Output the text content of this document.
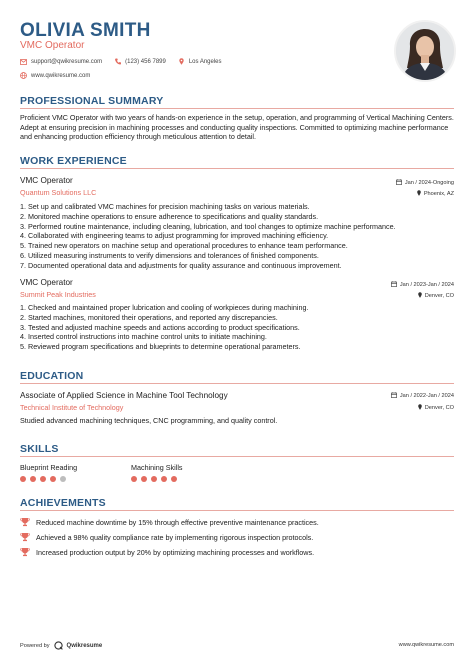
OLIVIA SMITH
VMC Operator
support@qwikresume.com	(123) 456 7899	Los Angeles
www.qwikresume.com
PROFESSIONAL SUMMARY
Proficient VMC Operator with two years of hands-on experience in the setup, operation, and programming of Vertical Machining Centers. Adept at ensuring precision in machining processes and conducting quality inspections. Committed to optimizing machine performance and enhancing production efficiency through meticulous attention to detail.
WORK EXPERIENCE
VMC Operator
Quantum Solutions LLC
Jan / 2024-Ongoing
Phoenix, AZ
1. Set up and calibrated VMC machines for precision machining tasks on various materials.
2. Monitored machine operations to ensure adherence to specifications and quality standards.
3. Performed routine maintenance, including cleaning, lubrication, and tool changes to optimize machine performance.
4. Collaborated with engineering teams to adjust programming for improved machining efficiency.
5. Trained new operators on machine setup and operational procedures to enhance team performance.
6. Utilized measuring instruments to verify dimensions and tolerances of finished components.
7. Documented operational data and adjustments for quality assurance and continuous improvement.
VMC Operator
Summit Peak Industries
Jan / 2023-Jan / 2024
Denver, CO
1. Checked and maintained proper lubrication and cooling of workpieces during machining.
2. Started machines, monitored their operations, and reported any discrepancies.
3. Tested and adjusted machine speeds and actions according to product specifications.
4. Inserted control instructions into machine control units to initiate machining.
5. Reviewed program specifications and blueprints to determine operational parameters.
EDUCATION
Associate of Applied Science in Machine Tool Technology
Technical Institute of Technology
Jan / 2022-Jan / 2024
Denver, CO
Studied advanced machining techniques, CNC programming, and quality control.
SKILLS
Blueprint Reading	Machining Skills
ACHIEVEMENTS
Reduced machine downtime by 15% through effective preventive maintenance practices.
Achieved a 98% quality compliance rate by implementing rigorous inspection protocols.
Increased production output by 20% by optimizing machining processes and workflows.
Powered by	Qwikresume	www.qwikresume.com
